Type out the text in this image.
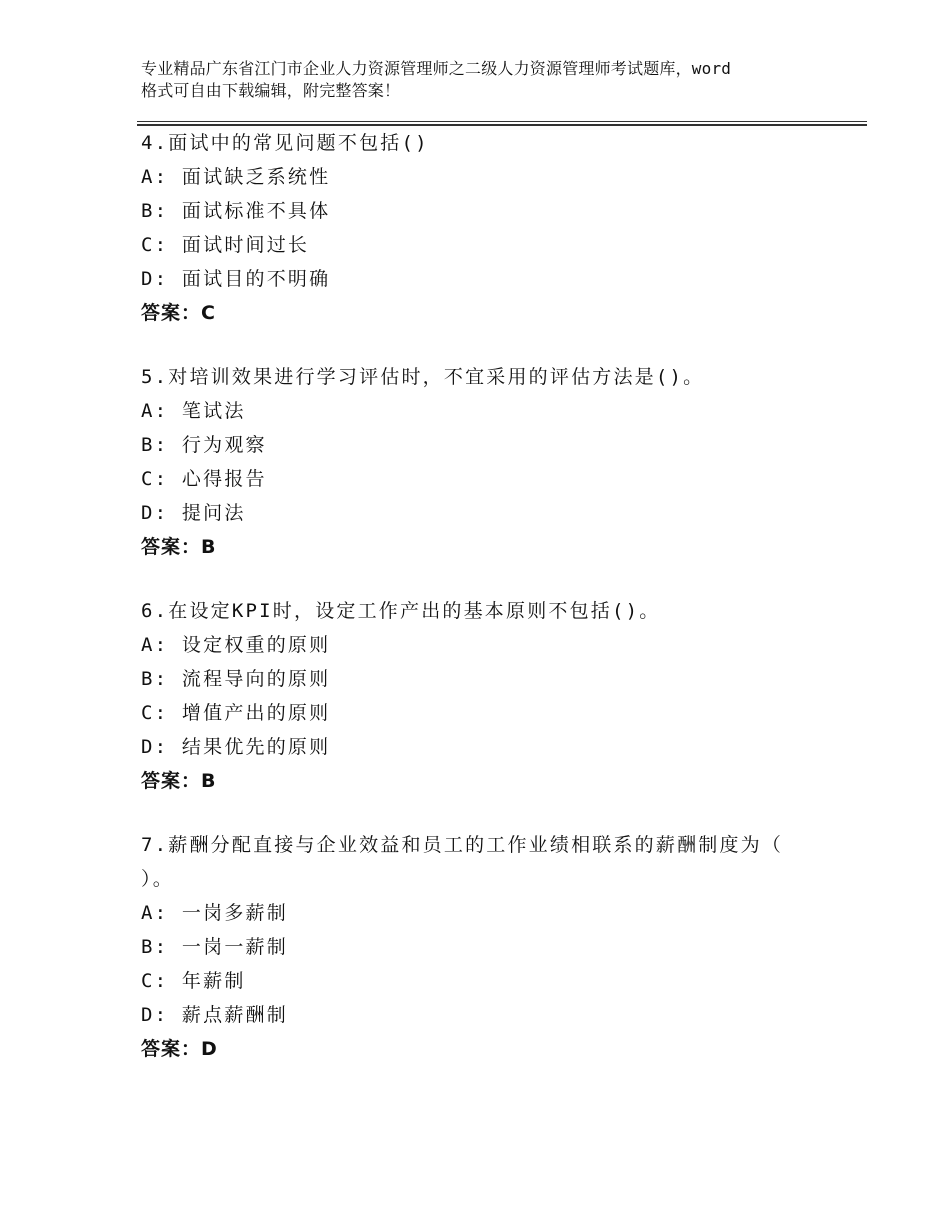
专业精品广东省江门市企业人力资源管理师之二级人力资源管理师考试题库，word
格式可自由下载编辑，附完整答案！
4.面试中的常见问题不包括()
A: 面试缺乏系统性
B: 面试标准不具体
C: 面试时间过长
D: 面试目的不明确
答案：C
5.对培训效果进行学习评估时，不宜采用的评估方法是()。
A: 笔试法
B: 行为观察
C: 心得报告
D: 提问法
答案：B
6.在设定KPI时，设定工作产出的基本原则不包括()。
A: 设定权重的原则
B: 流程导向的原则
C: 增值产出的原则
D: 结果优先的原则
答案：B
7.薪酬分配直接与企业效益和员工的工作业绩相联系的薪酬制度为（
）。
A: 一岗多薪制
B: 一岗一薪制
C: 年薪制
D: 薪点薪酬制
答案：D
